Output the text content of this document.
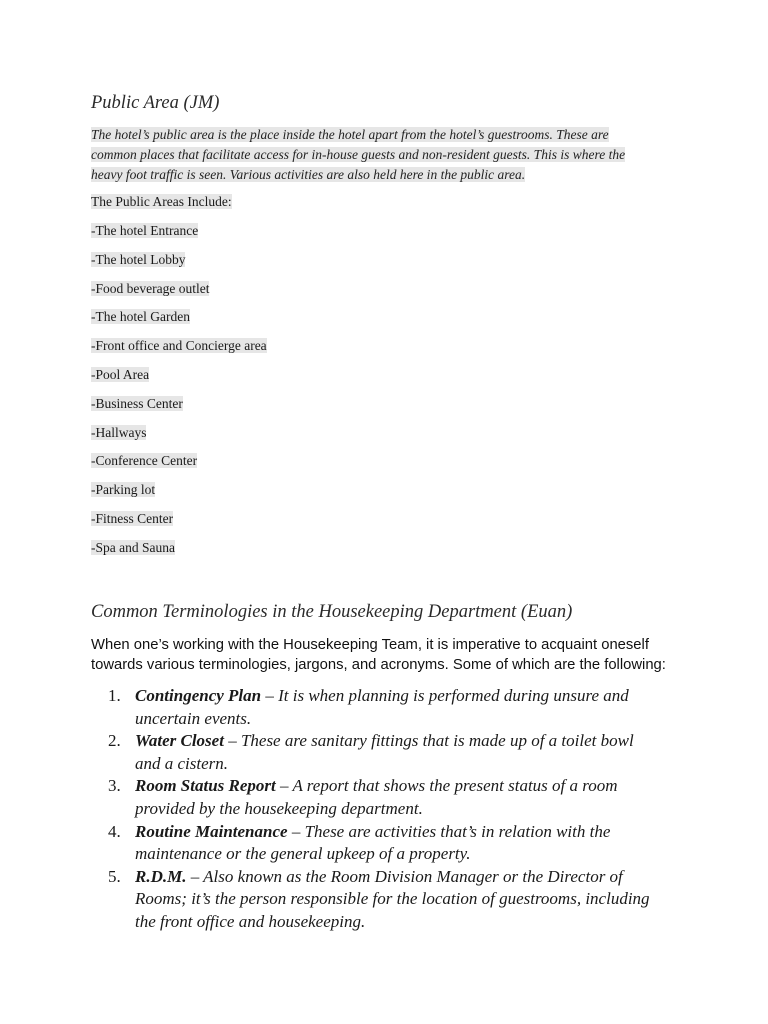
Public Area (JM)
The hotel’s public area is the place inside the hotel apart from the hotel’s guestrooms. These are
common places that facilitate access for in-house guests and non-resident guests. This is where the
heavy foot traffic is seen. Various activities are also held here in the public area.
The Public Areas Include:
-The hotel Entrance
-The hotel Lobby
-Food beverage outlet
-The hotel Garden
-Front office and Concierge area
-Pool Area
-Business Center
-Hallways
-Conference Center
-Parking lot
-Fitness Center
-Spa and Sauna
Common Terminologies in the Housekeeping Department (Euan)
When one’s working with the Housekeeping Team, it is imperative to acquaint oneself
towards various terminologies, jargons, and acronyms. Some of which are the following:
1. Contingency Plan – It is when planning is performed during unsure and
uncertain events.
2. Water Closet – These are sanitary fittings that is made up of a toilet bowl
and a cistern.
3. Room Status Report – A report that shows the present status of a room
provided by the housekeeping department.
4. Routine Maintenance – These are activities that’s in relation with the
maintenance or the general upkeep of a property.
5. R.D.M. – Also known as the Room Division Manager or the Director of
Rooms; it’s the person responsible for the location of guestrooms, including
the front office and housekeeping.
